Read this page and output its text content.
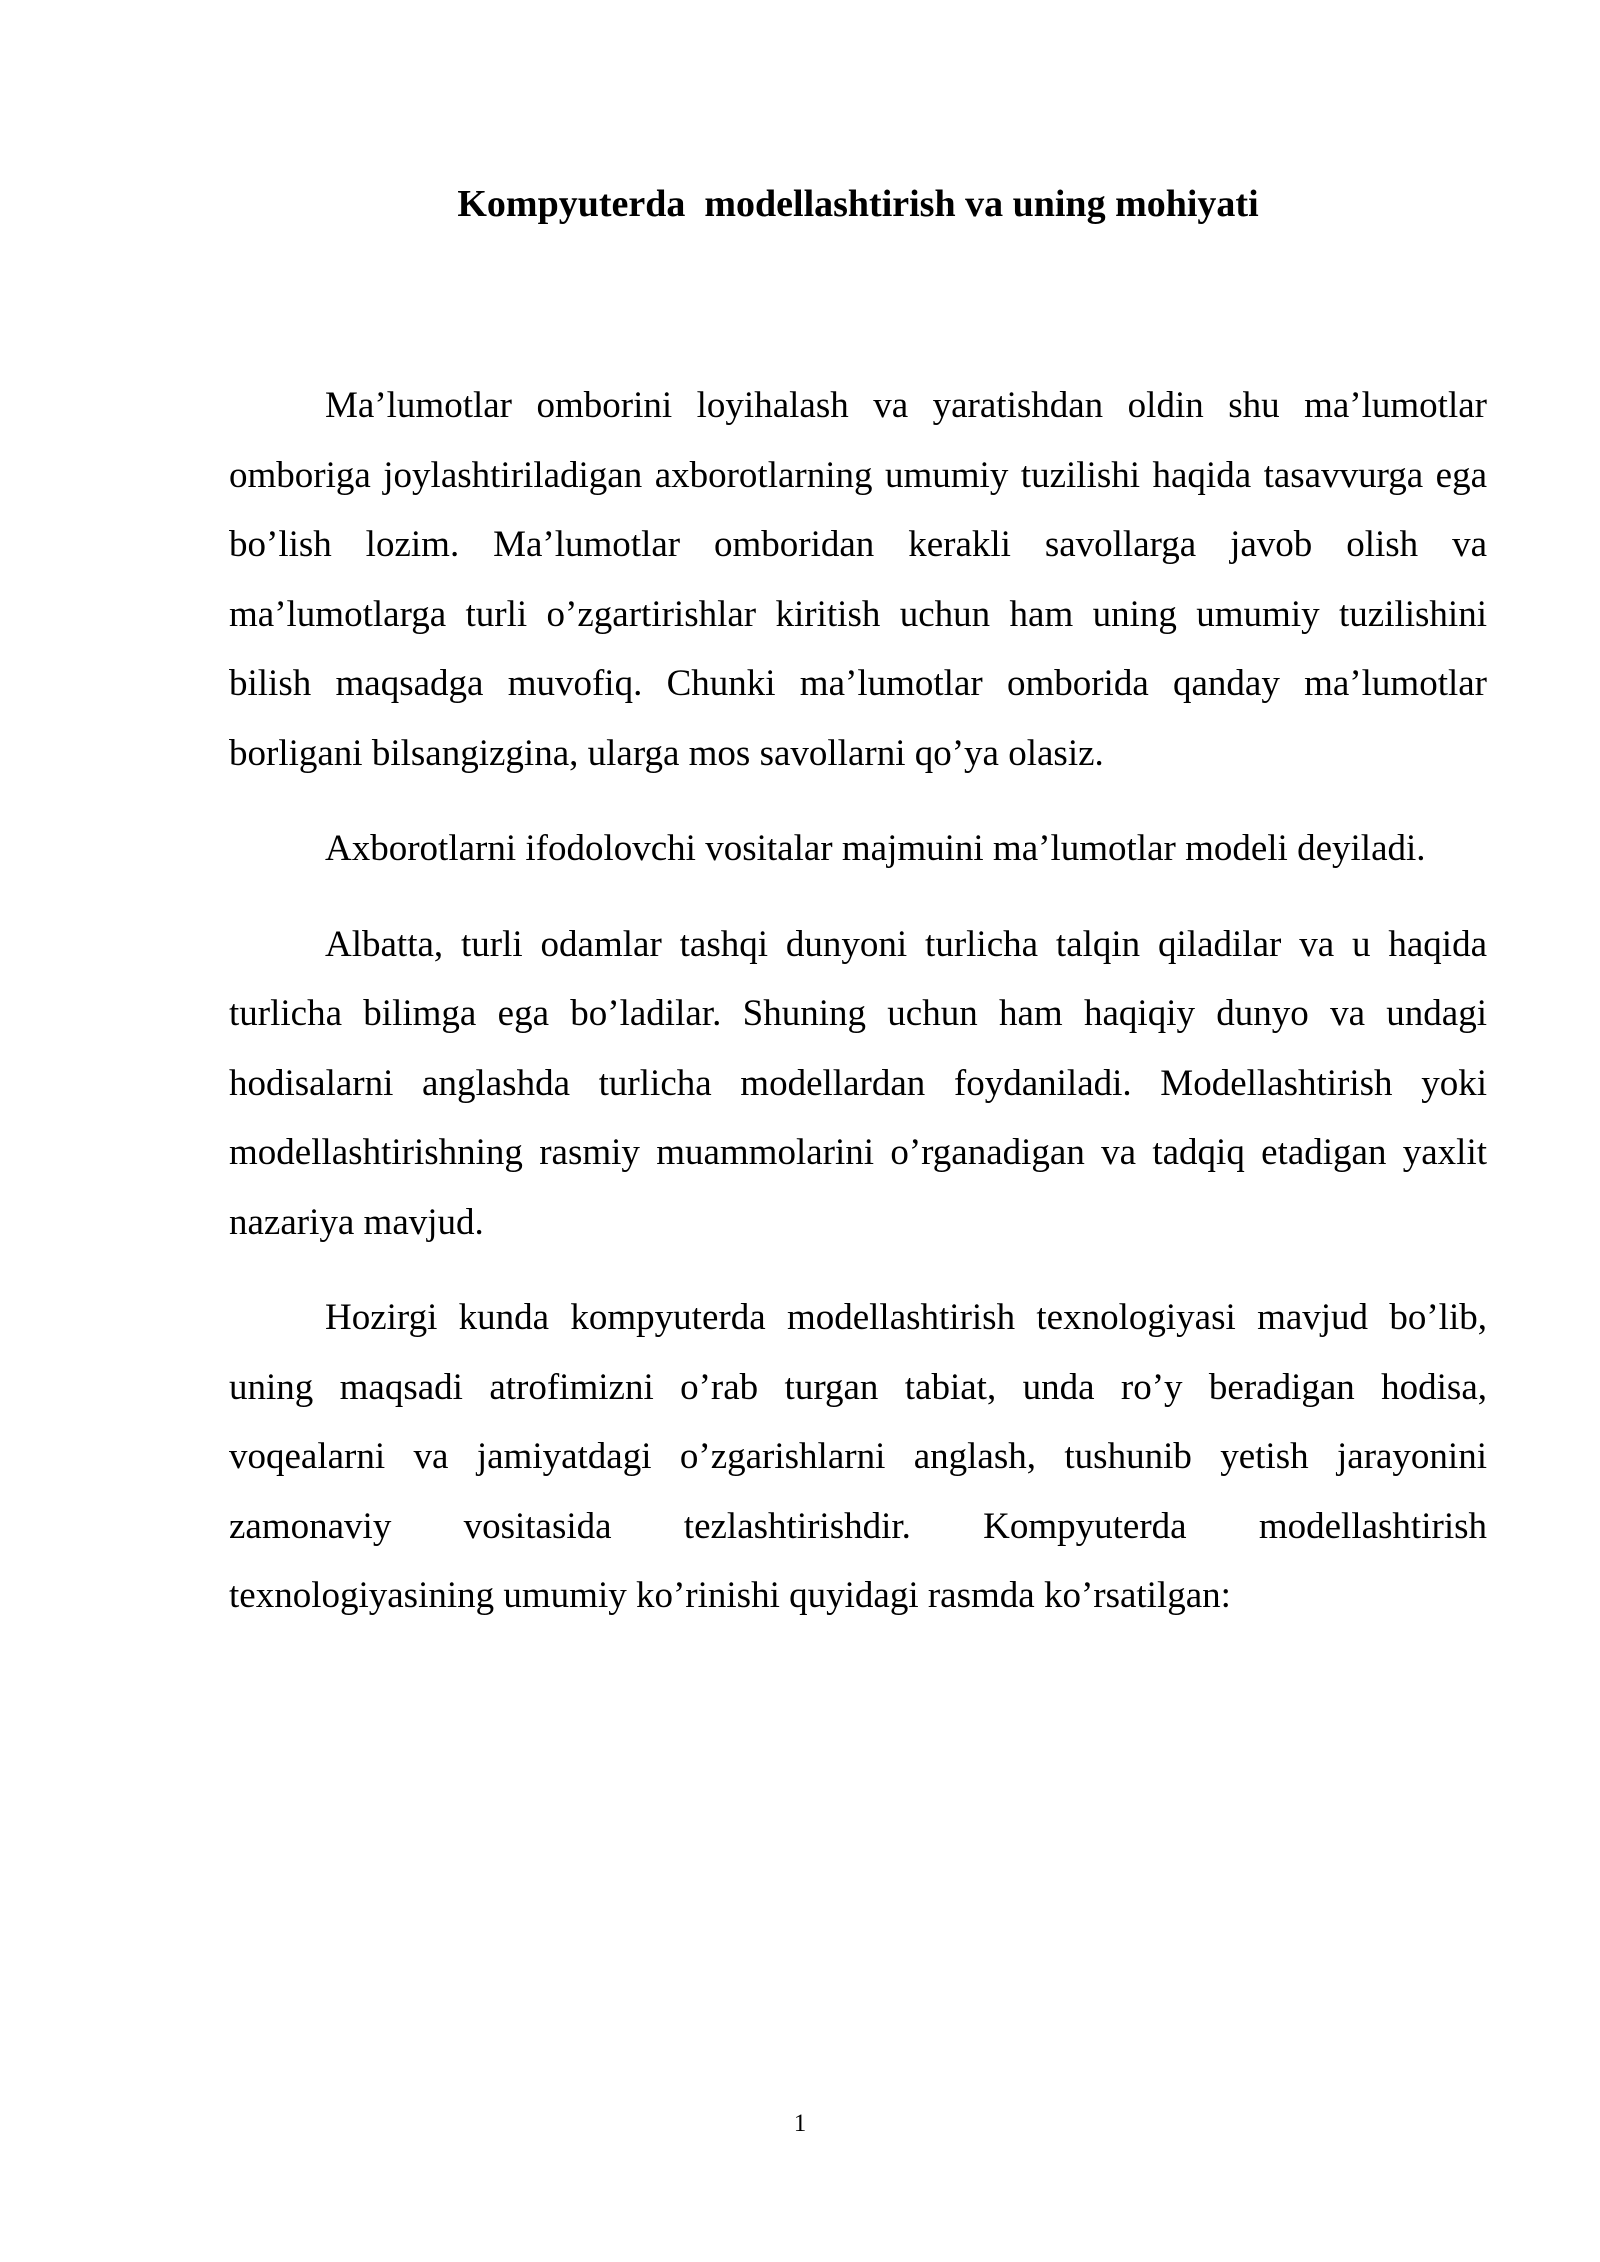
Kompyuterda  modellashtirish va uning mohiyati

Ma’lumotlar omborini loyihalash va yaratishdan oldin shu ma’lumotlar omboriga joylashtiriladigan axborotlarning umumiy tuzilishi haqida tasavvurga ega bo’lish lozim. Ma’lumotlar omboridan kerakli savollarga javob olish va ma’lumotlarga turli o’zgartirishlar kiritish uchun ham uning umumiy tuzilishini bilish maqsadga muvofiq. Chunki ma’lumotlar omborida qanday ma’lumotlar borligani bilsangizgina, ularga mos savollarni qo’ya olasiz.

Axborotlarni ifodolovchi vositalar majmuini ma’lumotlar modeli deyiladi.

Albatta, turli odamlar tashqi dunyoni turlicha talqin qiladilar va u haqida turlicha bilimga ega bo’ladilar. Shuning uchun ham haqiqiy dunyo va undagi hodisalarni anglashda turlicha modellardan foydaniladi. Modellashtirish yoki modellashtirishning rasmiy muammolarini o’rganadigan va tadqiq etadigan yaxlit nazariya mavjud.

Hozirgi kunda kompyuterda modellashtirish texnologiyasi mavjud bo’lib, uning maqsadi atrofimizni o’rab turgan tabiat, unda ro’y beradigan hodisa, voqealarni va jamiyatdagi o’zgarishlarni anglash, tushunib yetish jarayonini zamonaviy vositasida tezlashtirishdir. Kompyuterda modellashtirish texnologiyasining umumiy ko’rinishi quyidagi rasmda ko’rsatilgan:

1
